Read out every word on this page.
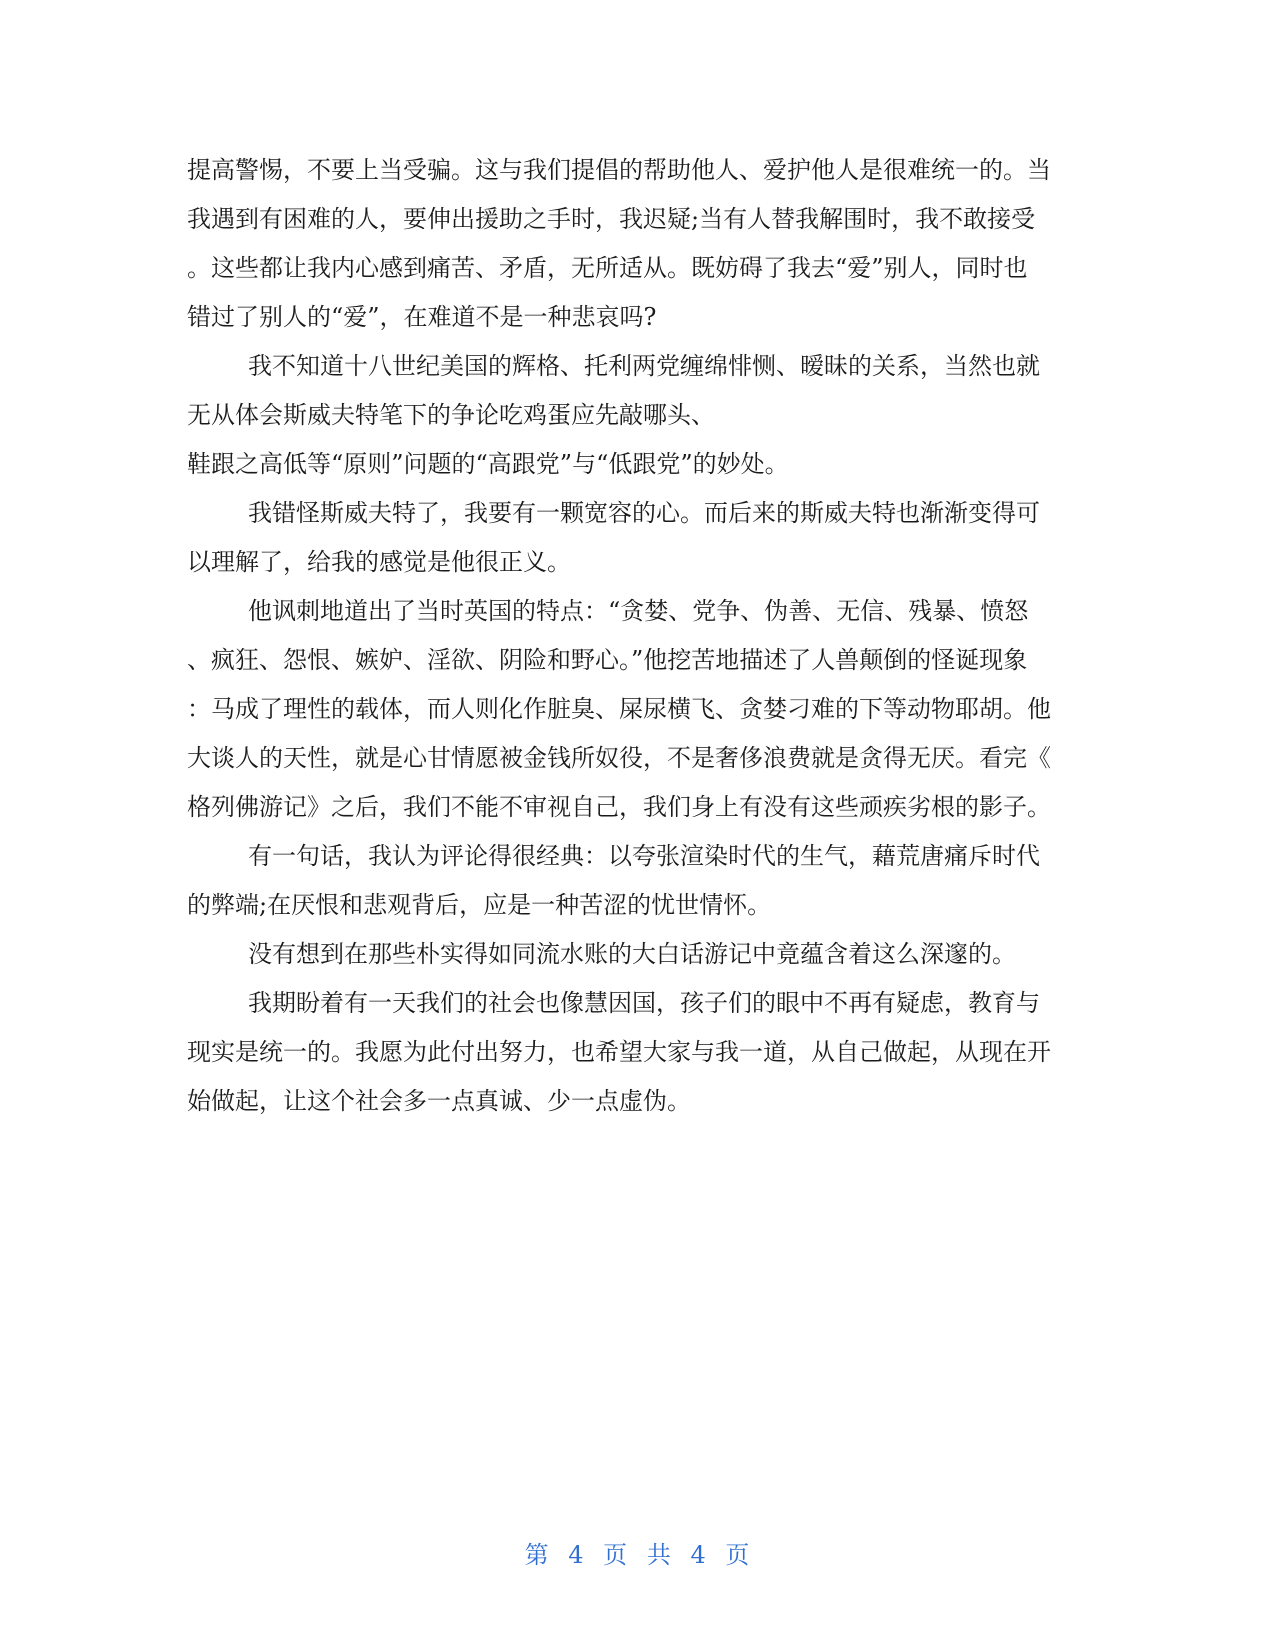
提高警惕，不要上当受骗。这与我们提倡的帮助他人、爱护他人是很难统一的。当
我遇到有困难的人，要伸出援助之手时，我迟疑;当有人替我解围时，我不敢接受
。这些都让我内心感到痛苦、矛盾，无所适从。既妨碍了我去“爱”别人，同时也
错过了别人的“爱”，在难道不是一种悲哀吗?
我不知道十八世纪美国的辉格、托利两党缠绵悱恻、暧昧的关系，当然也就
无从体会斯威夫特笔下的争论吃鸡蛋应先敲哪头、
鞋跟之高低等“原则”问题的“高跟党”与“低跟党”的妙处。
我错怪斯威夫特了，我要有一颗宽容的心。而后来的斯威夫特也渐渐变得可
以理解了，给我的感觉是他很正义。
他讽刺地道出了当时英国的特点：“贪婪、党争、伪善、无信、残暴、愤怒
、疯狂、怨恨、嫉妒、淫欲、阴险和野心。”他挖苦地描述了人兽颠倒的怪诞现象
：马成了理性的载体，而人则化作脏臭、屎尿横飞、贪婪刁难的下等动物耶胡。他
大谈人的天性，就是心甘情愿被金钱所奴役，不是奢侈浪费就是贪得无厌。看完《
格列佛游记》之后，我们不能不审视自己，我们身上有没有这些顽疾劣根的影子。
有一句话，我认为评论得很经典：以夸张渲染时代的生气，藉荒唐痛斥时代
的弊端;在厌恨和悲观背后，应是一种苦涩的忧世情怀。
没有想到在那些朴实得如同流水账的大白话游记中竟蕴含着这么深邃的。
我期盼着有一天我们的社会也像慧因国，孩子们的眼中不再有疑虑，教育与
现实是统一的。我愿为此付出努力，也希望大家与我一道，从自己做起，从现在开
始做起，让这个社会多一点真诚、少一点虚伪。
第 4 页 共 4 页
